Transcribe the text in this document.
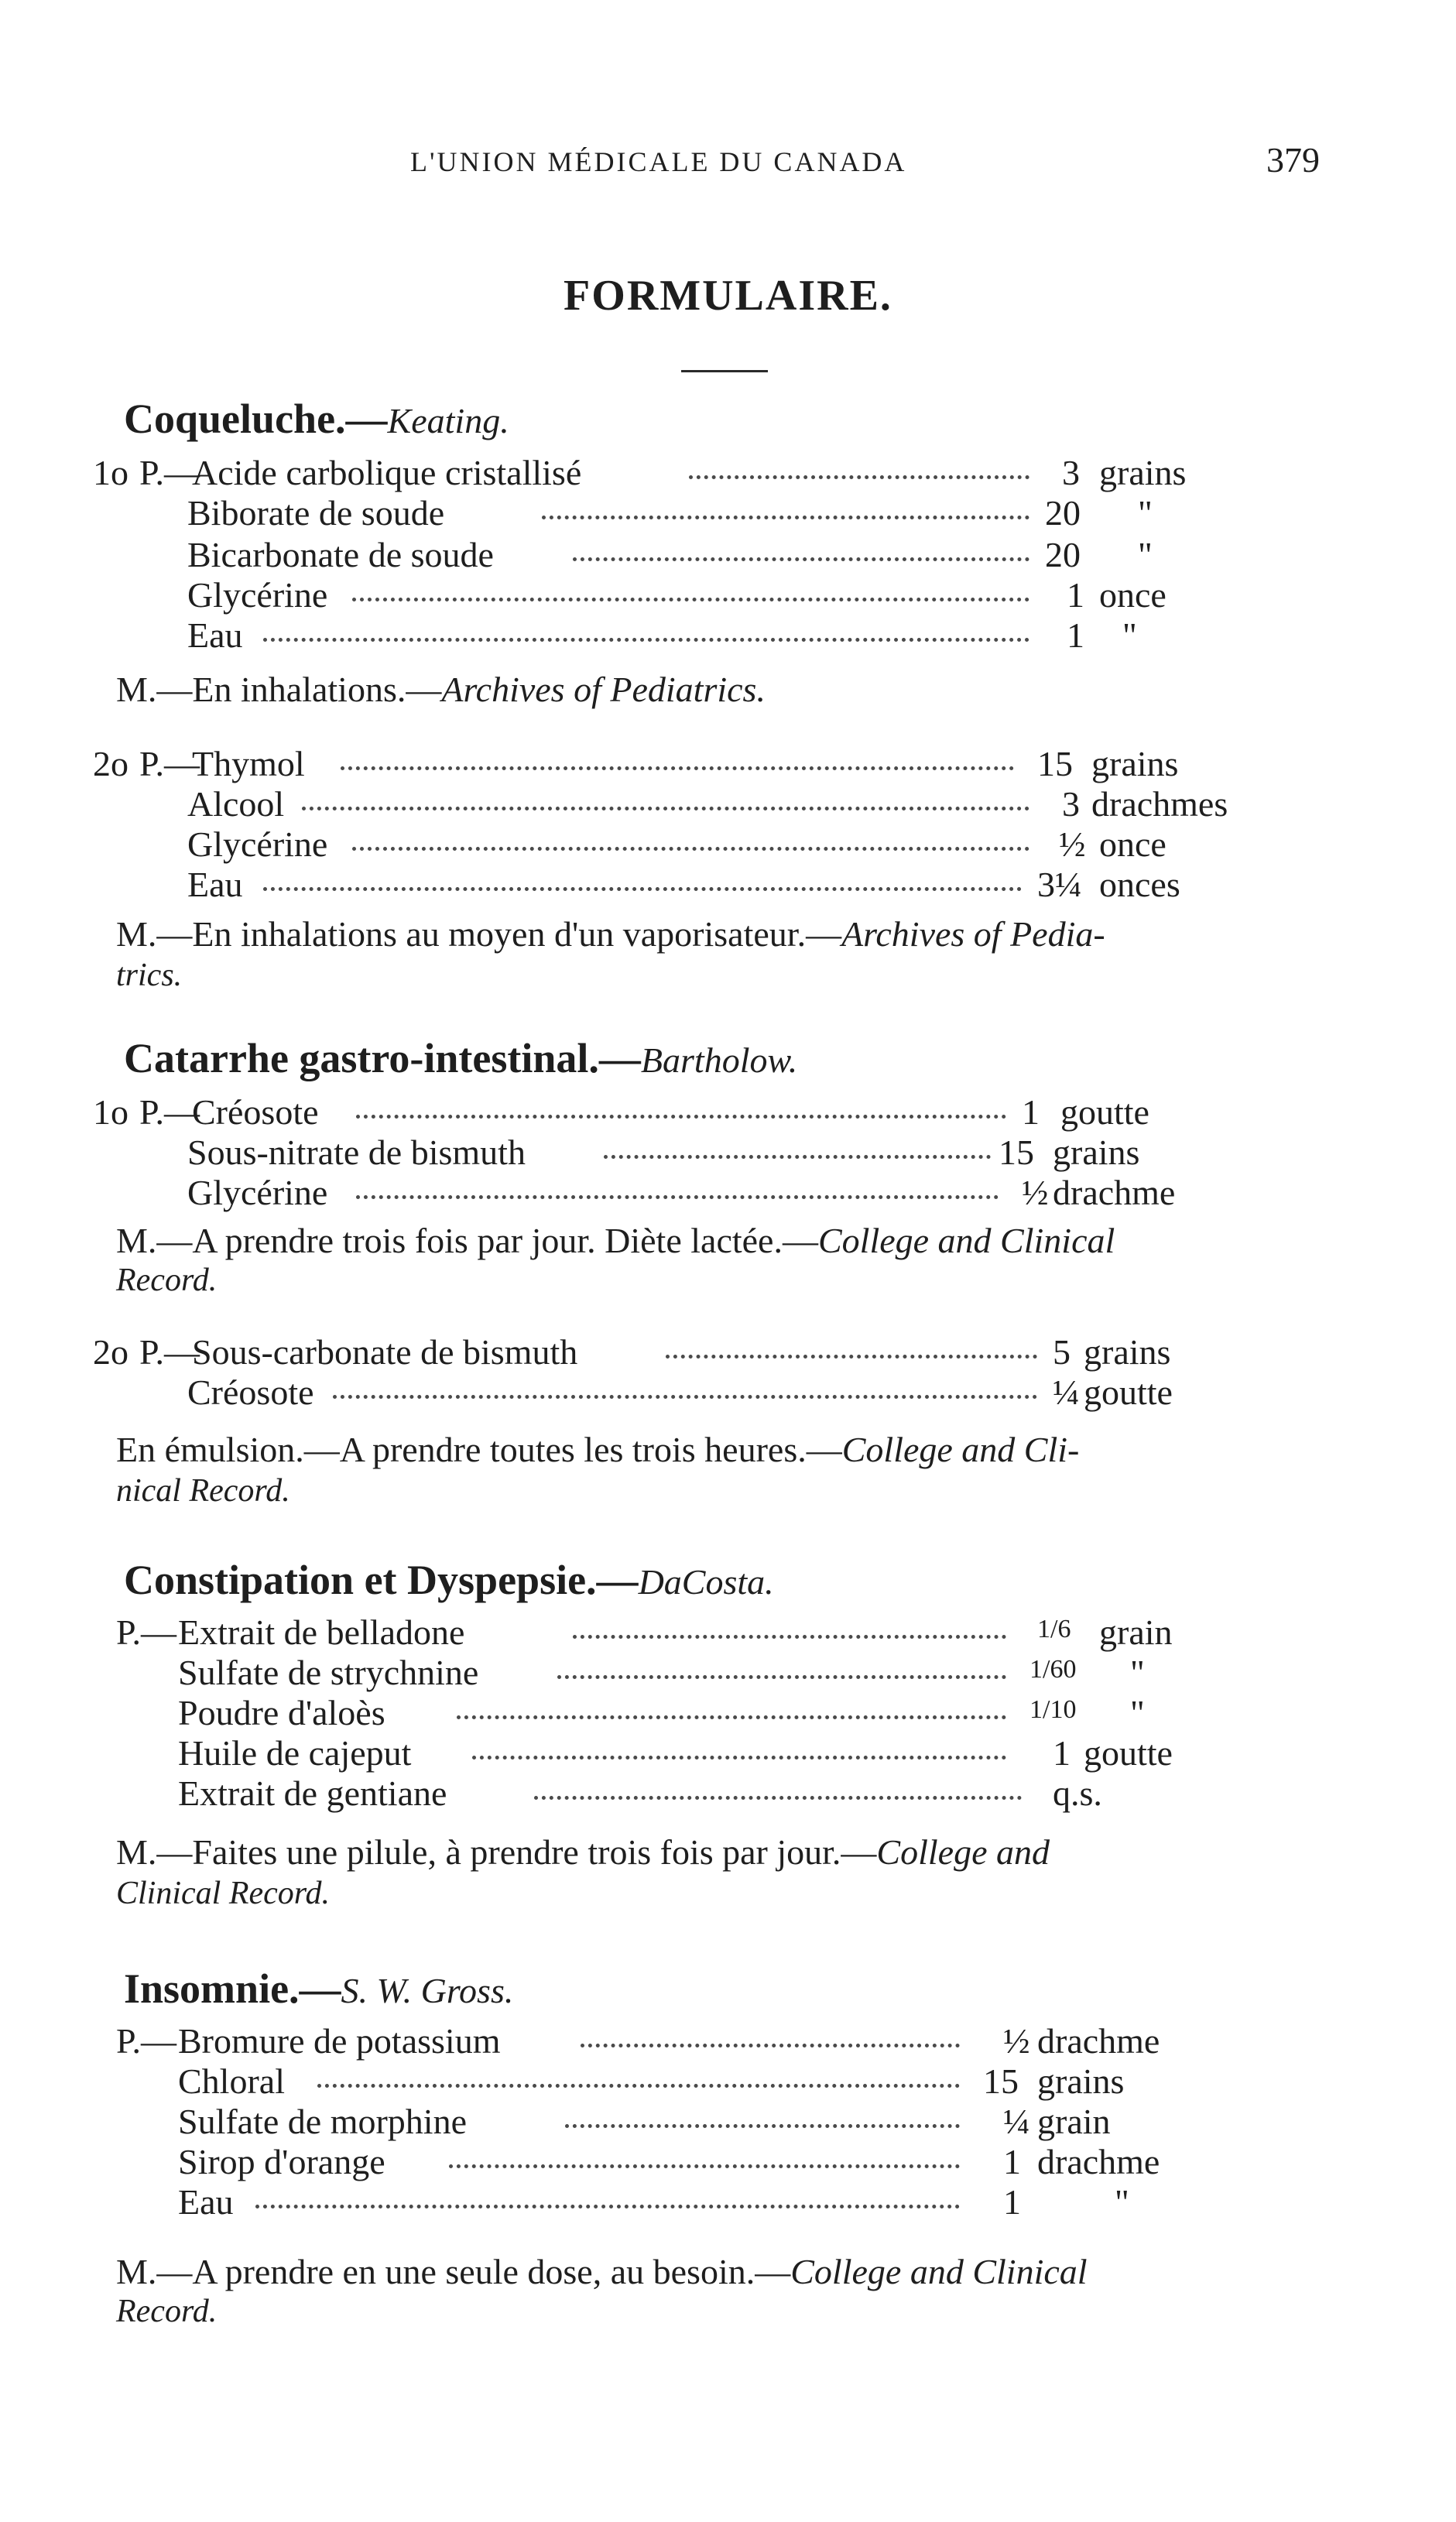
L'UNION MÉDICALE DU CANADA	379
FORMULAIRE.
Coqueluche.—Keating.
1o P.—
Acide carbolique cristallisé	3 grains
Biborate de soude	20 "
Bicarbonate de soude	20 "
Glycérine	1 once
Eau	1 "
M.—En inhalations.—Archives of Pediatrics.
2o P.—
Thymol	15 grains
Alcool	3 drachmes
Glycérine	½ once
Eau	3¼ onces
M.—En inhalations au moyen d'un vaporisateur.—Archives of Pedia-
trics.
Catarrhe gastro-intestinal.—Bartholow.
1o P.—
Créosote	1 goutte
Sous-nitrate de bismuth	15 grains
Glycérine	½ drachme
M.—A prendre trois fois par jour. Diète lactée.—College and Clinical
Record.
2o P.—
Sous-carbonate de bismuth	5 grains
Créosote	¼ goutte
En émulsion.—A prendre toutes les trois heures.—College and Cli-
nical Record.
Constipation et Dyspepsie.—DaCosta.
P.— Extrait de belladone	1/6 grain
Sulfate de strychnine	1/60 "
Poudre d'aloès	1/10 "
Huile de cajeput	1 goutte
Extrait de gentiane	q.s.
M.—Faites une pilule, à prendre trois fois par jour.—College and
Clinical Record.
Insomnie.—S. W. Gross.
P.— Bromure de potassium	½ drachme
Chloral	15 grains
Sulfate de morphine	¼ grain
Sirop d'orange	1 drachme
Eau	1	"
M.—A prendre en une seule dose, au besoin.—College and Clinical
Record.
